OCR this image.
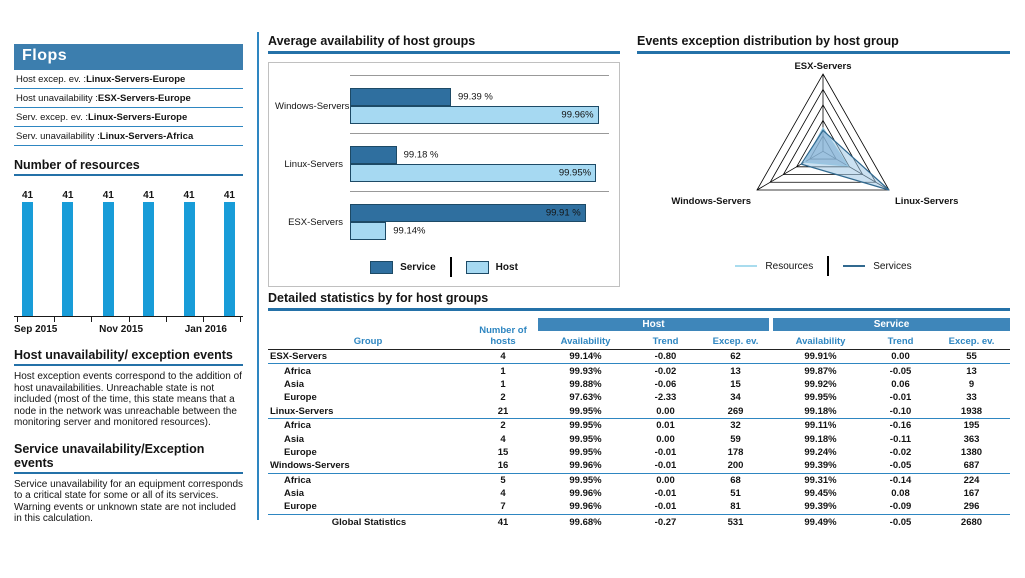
Flops
Host excep. ev. :Linux-Servers-Europe
Host unavailability :ESX-Servers-Europe
Serv. excep. ev. :Linux-Servers-Europe
Serv. unavailability :Linux-Servers-Africa
Number of resources
41	41	41	41	41	41
Sep 2015	Nov 2015	Jan 2016
Host unavailability/ exception events

Host exception events correspond to the addition of host unavailabilities. Unreachable state is not included (most of the time, this state means that a node in the network was unreachable between the monitoring server and monitored resources).

Service unavailability/Exception events

Service unavailability for an equipment corresponds to a critical state for some or all of its services. Warning events or unknown state are not included in this calculation.

Average availability of host groups
Windows-Servers
99.39 %
99.96%
Linux-Servers
99.18 %
99.95%
ESX-Servers
99.91 %
99.14%
Service	Host
Events exception distribution by host group
ESX-Servers
Linux-Servers
Windows-Servers
Resources	Services
Detailed statistics by for host groups
Host	Service
Group
Number of hosts	Availability	Trend	Excep. ev.	Availability	Trend	Excep. ev.
ESX-Servers	4	99.14%	-0.80	62	99.91%	0.00	55
Africa	1	99.93%	-0.02	13	99.87%	-0.05	13
Asia	1	99.88%	-0.06	15	99.92%	0.06	9
Europe	2	97.63%	-2.33	34	99.95%	-0.01	33
Linux-Servers	21	99.95%	0.00	269	99.18%	-0.10	1938
Africa	2	99.95%	0.01	32	99.11%	-0.16	195
Asia	4	99.95%	0.00	59	99.18%	-0.11	363
Europe	15	99.95%	-0.01	178	99.24%	-0.02	1380
Windows-Servers	16	99.96%	-0.01	200	99.39%	-0.05	687
Africa	5	99.95%	0.00	68	99.31%	-0.14	224
Asia	4	99.96%	-0.01	51	99.45%	0.08	167
Europe	7	99.96%	-0.01	81	99.39%	-0.09	296
Global Statistics	41	99.68%	-0.27	531	99.49%	-0.05	2680
